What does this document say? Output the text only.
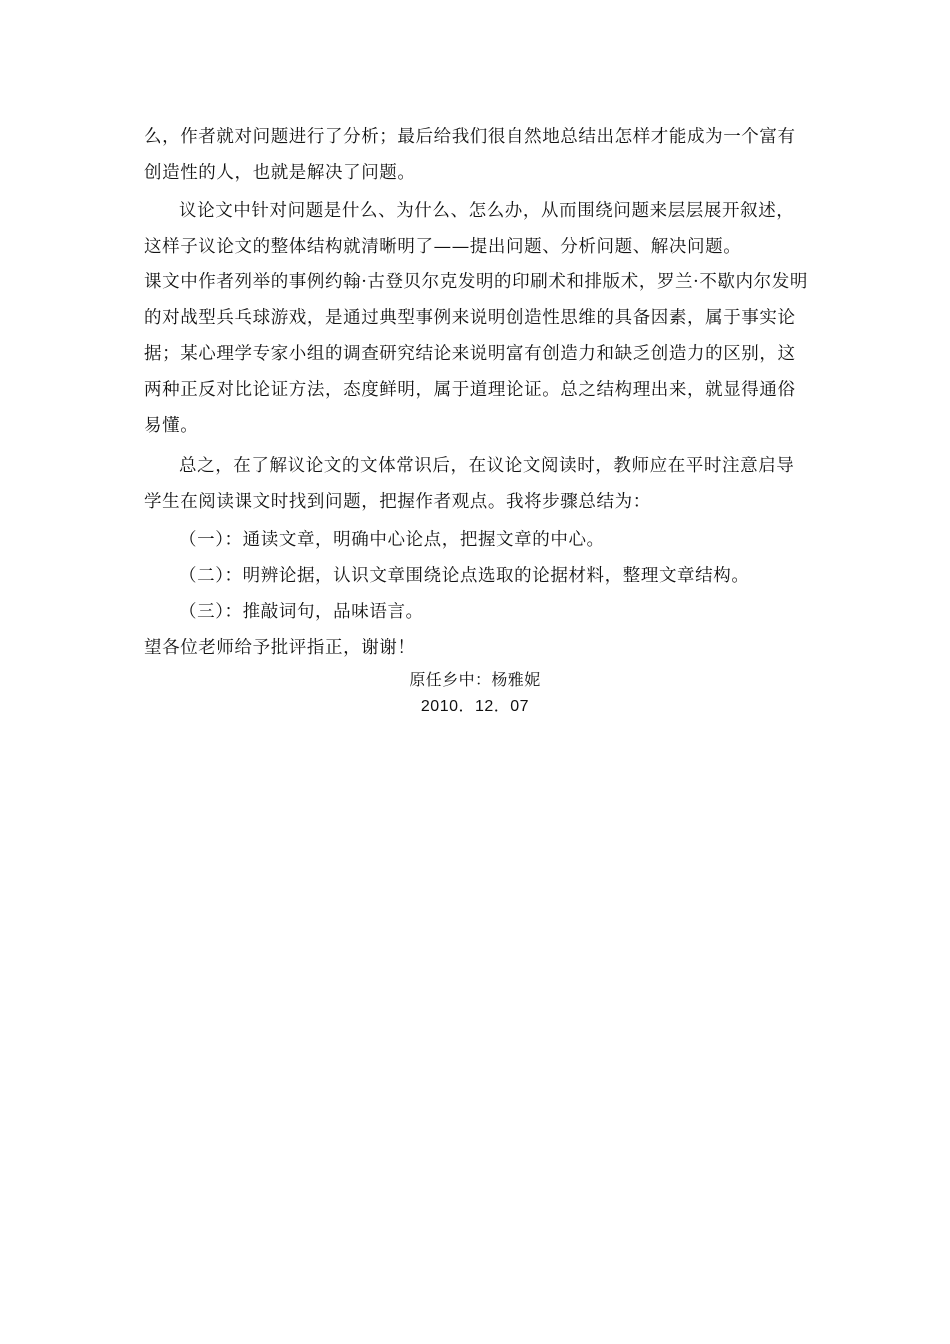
么，作者就对问题进行了分析；最后给我们很自然地总结出怎样才能成为一个富有创造性的人，也就是解决了问题。

议论文中针对问题是什么、为什么、怎么办，从而围绕问题来层层展开叙述，这样子议论文的整体结构就清晰明了——提出问题、分析问题、解决问题。

课文中作者列举的事例约翰·古登贝尔克发明的印刷术和排版术，罗兰·不歇内尔发明的对战型兵乓球游戏，是通过典型事例来说明创造性思维的具备因素，属于事实论据；某心理学专家小组的调查研究结论来说明富有创造力和缺乏创造力的区别，这两种正反对比论证方法，态度鲜明，属于道理论证。总之结构理出来，就显得通俗易懂。

总之，在了解议论文的文体常识后，在议论文阅读时，教师应在平时注意启导学生在阅读课文时找到问题，把握作者观点。我将步骤总结为：

（一）：通读文章，明确中心论点，把握文章的中心。

（二）：明辨论据，认识文章围绕论点选取的论据材料，整理文章结构。

（三）：推敲词句，品味语言。

望各位老师给予批评指正，谢谢！

原任乡中：杨雅妮
2010．12．07
